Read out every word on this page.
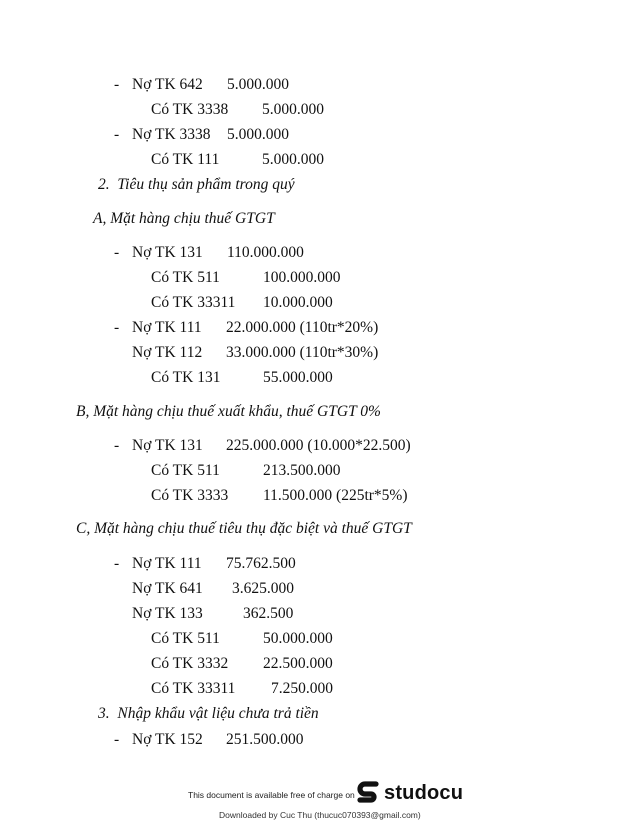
- Nợ TK 642 5.000.000
Có TK 3338 5.000.000
- Nợ TK 3338 5.000.000
Có TK 111	5.000.000
2.  Tiêu thụ sản phẩm trong quý
A, Mặt hàng chịu thuế GTGT
- Nợ TK 131 110.000.000
Có TK 511	100.000.000
Có TK 33311 10.000.000
- Nợ TK 111 22.000.000 (110tr*20%)
Nợ TK 112 33.000.000 (110tr*30%)
Có TK 131	55.000.000
B, Mặt hàng chịu thuế xuất khẩu, thuế GTGT 0%
- Nợ TK 131 225.000.000 (10.000*22.500)
Có TK 511	213.500.000
Có TK 3333 11.500.000 (225tr*5%)
C, Mặt hàng chịu thuế tiêu thụ đặc biệt và thuế GTGT
- Nợ TK 111 75.762.500
Nợ TK 641 3.625.000
Nợ TK 133	362.500
Có TK 511	50.000.000
Có TK 3332 22.500.000
Có TK 33311 7.250.000
3.  Nhập khẩu vật liệu chưa trả tiền
- Nợ TK 152 251.500.000
This document is available free of charge on studocu
Downloaded by Cuc Thu (thucuc070393@gmail.com)
